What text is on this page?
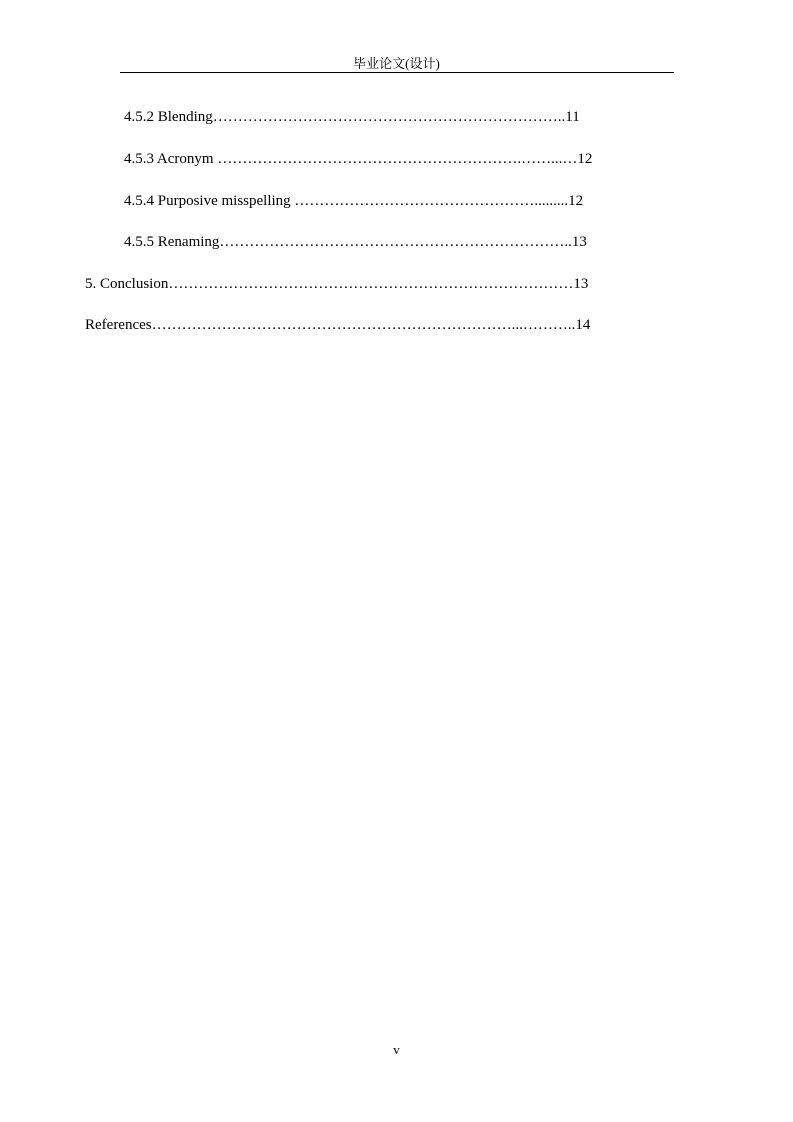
毕业论文(设计)
4.5.2 Blending……………………………………………………………..11
4.5.3 Acronym …………………………………………………….……...…12
4.5.4 Purposive misspelling ………………………………………….........12
4.5.5 Renaming……………………………………………………………..13
5. Conclusion………………………………………………………………………13
References………………………………………………………………...………..14
v
